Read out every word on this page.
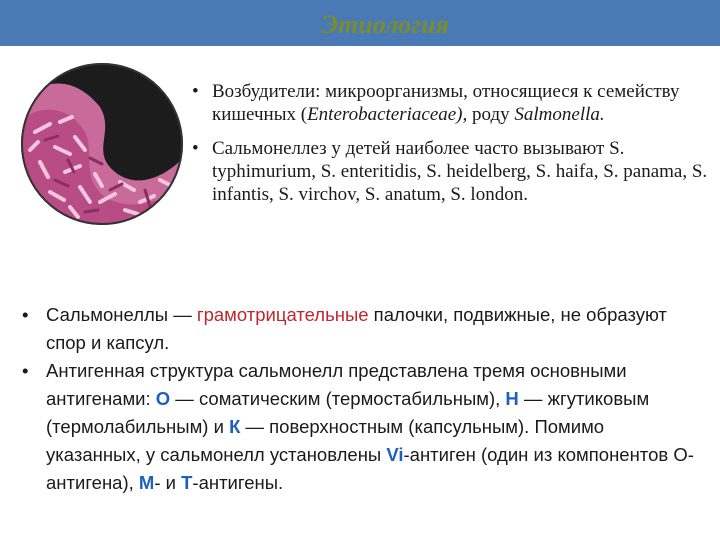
Этиология
• Возбудители: микроорганизмы, относящиеся к семейству кишечных (Enterobacteriaceae), роду Salmonella.
• Сальмонеллез у детей наиболее часто вызывают S. typhimurium, S. enteritidis, S. heidelberg, S. haifa, S. panama, S. infantis, S. virchov, S. anatum, S. london.
• Сальмонеллы — грамотрицательные палочки, подвижные, не образуют спор и капсул.
• Антигенная структура сальмонелл представлена тремя основными антигенами: О — соматическим (термостабильным), Н — жгутиковым (термолабильным) и К — поверхностным (капсульным). Помимо указанных, у сальмонелл установлены Vi-антиген (один из компонентов О-антигена), М- и Т-антигены.
